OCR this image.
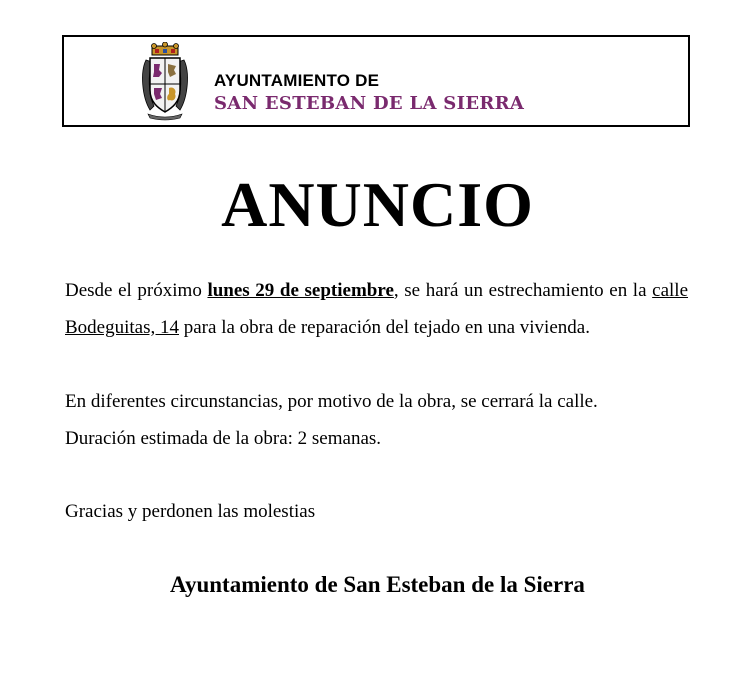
AYUNTAMIENTO DE
SAN ESTEBAN DE LA SIERRA
ANUNCIO
Desde el próximo lunes 29 de septiembre, se hará un estrechamiento en la calle Bodeguitas, 14 para la obra de reparación del tejado en una vivienda.
En diferentes circunstancias, por motivo de la obra, se cerrará la calle.
Duración estimada de la obra: 2 semanas.
Gracias y perdonen las molestias
Ayuntamiento de San Esteban de la Sierra
